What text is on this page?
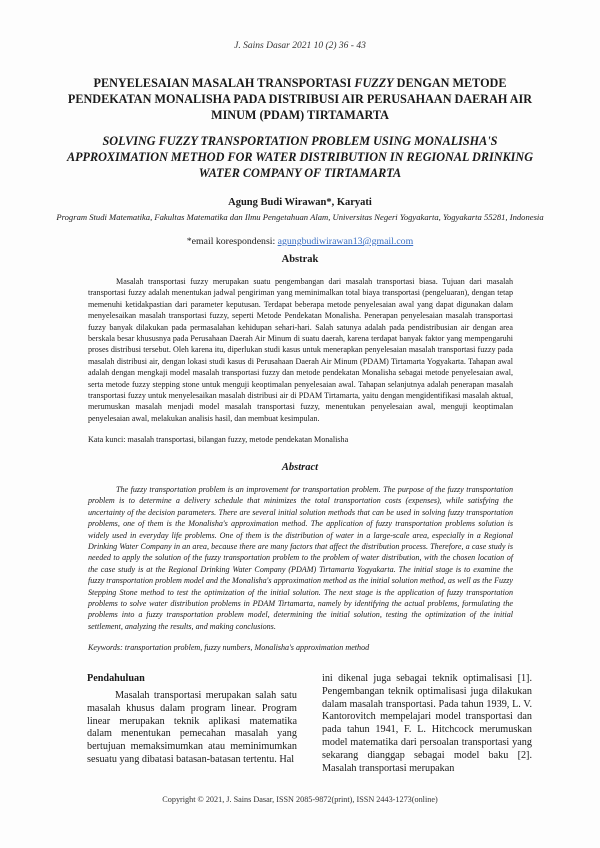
J. Sains Dasar 2021 10 (2) 36 - 43
PENYELESAIAN MASALAH TRANSPORTASI FUZZY DENGAN METODE PENDEKATAN MONALISHA PADA DISTRIBUSI AIR PERUSAHAAN DAERAH AIR MINUM (PDAM) TIRTAMARTA
SOLVING FUZZY TRANSPORTATION PROBLEM USING MONALISHA'S APPROXIMATION METHOD FOR WATER DISTRIBUTION IN REGIONAL DRINKING WATER COMPANY OF TIRTAMARTA
Agung Budi Wirawan*, Karyati
Program Studi Matematika, Fakultas Matematika dan Ilmu Pengetahuan Alam, Universitas Negeri Yogyakarta, Yogyakarta 55281, Indonesia
*email korespondensi: agungbudiwirawan13@gmail.com
Abstrak
Masalah transportasi fuzzy merupakan suatu pengembangan dari masalah transportasi biasa. Tujuan dari masalah transportasi fuzzy adalah menentukan jadwal pengiriman yang meminimalkan total biaya transportasi (pengeluaran), dengan tetap memenuhi ketidakpastian dari parameter keputusan. Terdapat beberapa metode penyelesaian awal yang dapat digunakan dalam menyelesaikan masalah transportasi fuzzy, seperti Metode Pendekatan Monalisha. Penerapan penyelesaian masalah transportasi fuzzy banyak dilakukan pada permasalahan kehidupan sehari-hari. Salah satunya adalah pada pendistribusian air dengan area berskala besar khususnya pada Perusahaan Daerah Air Minum di suatu daerah, karena terdapat banyak faktor yang mempengaruhi proses distribusi tersebut. Oleh karena itu, diperlukan studi kasus untuk menerapkan penyelesaian masalah transportasi fuzzy pada masalah distribusi air, dengan lokasi studi kasus di Perusahaan Daerah Air Minum (PDAM) Tirtamarta Yogyakarta. Tahapan awal adalah dengan mengkaji model masalah transportasi fuzzy dan metode pendekatan Monalisha sebagai metode penyelesaian awal, serta metode fuzzy stepping stone untuk menguji keoptimalan penyelesaian awal. Tahapan selanjutnya adalah penerapan masalah transportasi fuzzy untuk menyelesaikan masalah distribusi air di PDAM Tirtamarta, yaitu dengan mengidentifikasi masalah aktual, merumuskan masalah menjadi model masalah transportasi fuzzy, menentukan penyelesaian awal, menguji keoptimalan penyelesaian awal, melakukan analisis hasil, dan membuat kesimpulan.
Kata kunci: masalah transportasi, bilangan fuzzy, metode pendekatan Monalisha
Abstract
The fuzzy transportation problem is an improvement for transportation problem. The purpose of the fuzzy transportation problem is to determine a delivery schedule that minimizes the total transportation costs (expenses), while satisfying the uncertainty of the decision parameters. There are several initial solution methods that can be used in solving fuzzy transportation problems, one of them is the Monalisha's approximation method. The application of fuzzy transportation problems solution is widely used in everyday life problems. One of them is the distribution of water in a large-scale area, especially in a Regional Drinking Water Company in an area, because there are many factors that affect the distribution process. Therefore, a case study is needed to apply the solution of the fuzzy transportation problem to the problem of water distribution, with the chosen location of the case study is at the Regional Drinking Water Company (PDAM) Tirtamarta Yogyakarta. The initial stage is to examine the fuzzy transportation problem model and the Monalisha's approximation method as the initial solution method, as well as the Fuzzy Stepping Stone method to test the optimization of the initial solution. The next stage is the application of fuzzy transportation problems to solve water distribution problems in PDAM Tirtamarta, namely by identifying the actual problems, formulating the problems into a fuzzy transportation problem model, determining the initial solution, testing the optimization of the initial settlement, analyzing the results, and making conclusions.
Keywords: transportation problem, fuzzy numbers, Monalisha's approximation method
Pendahuluan
Masalah transportasi merupakan salah satu masalah khusus dalam program linear. Program linear merupakan teknik aplikasi matematika dalam menentukan pemecahan masalah yang bertujuan memaksimumkan atau meminimumkan sesuatu yang dibatasi batasan-batasan tertentu. Hal
ini dikenal juga sebagai teknik optimalisasi [1]. Pengembangan teknik optimalisasi juga dilakukan dalam masalah transportasi. Pada tahun 1939, L. V. Kantorovitch mempelajari model transportasi dan pada tahun 1941, F. L. Hitchcock merumuskan model matematika dari persoalan transportasi yang sekarang dianggap sebagai model baku [2]. Masalah transportasi merupakan
Copyright © 2021, J. Sains Dasar, ISSN 2085-9872(print), ISSN 2443-1273(online)
